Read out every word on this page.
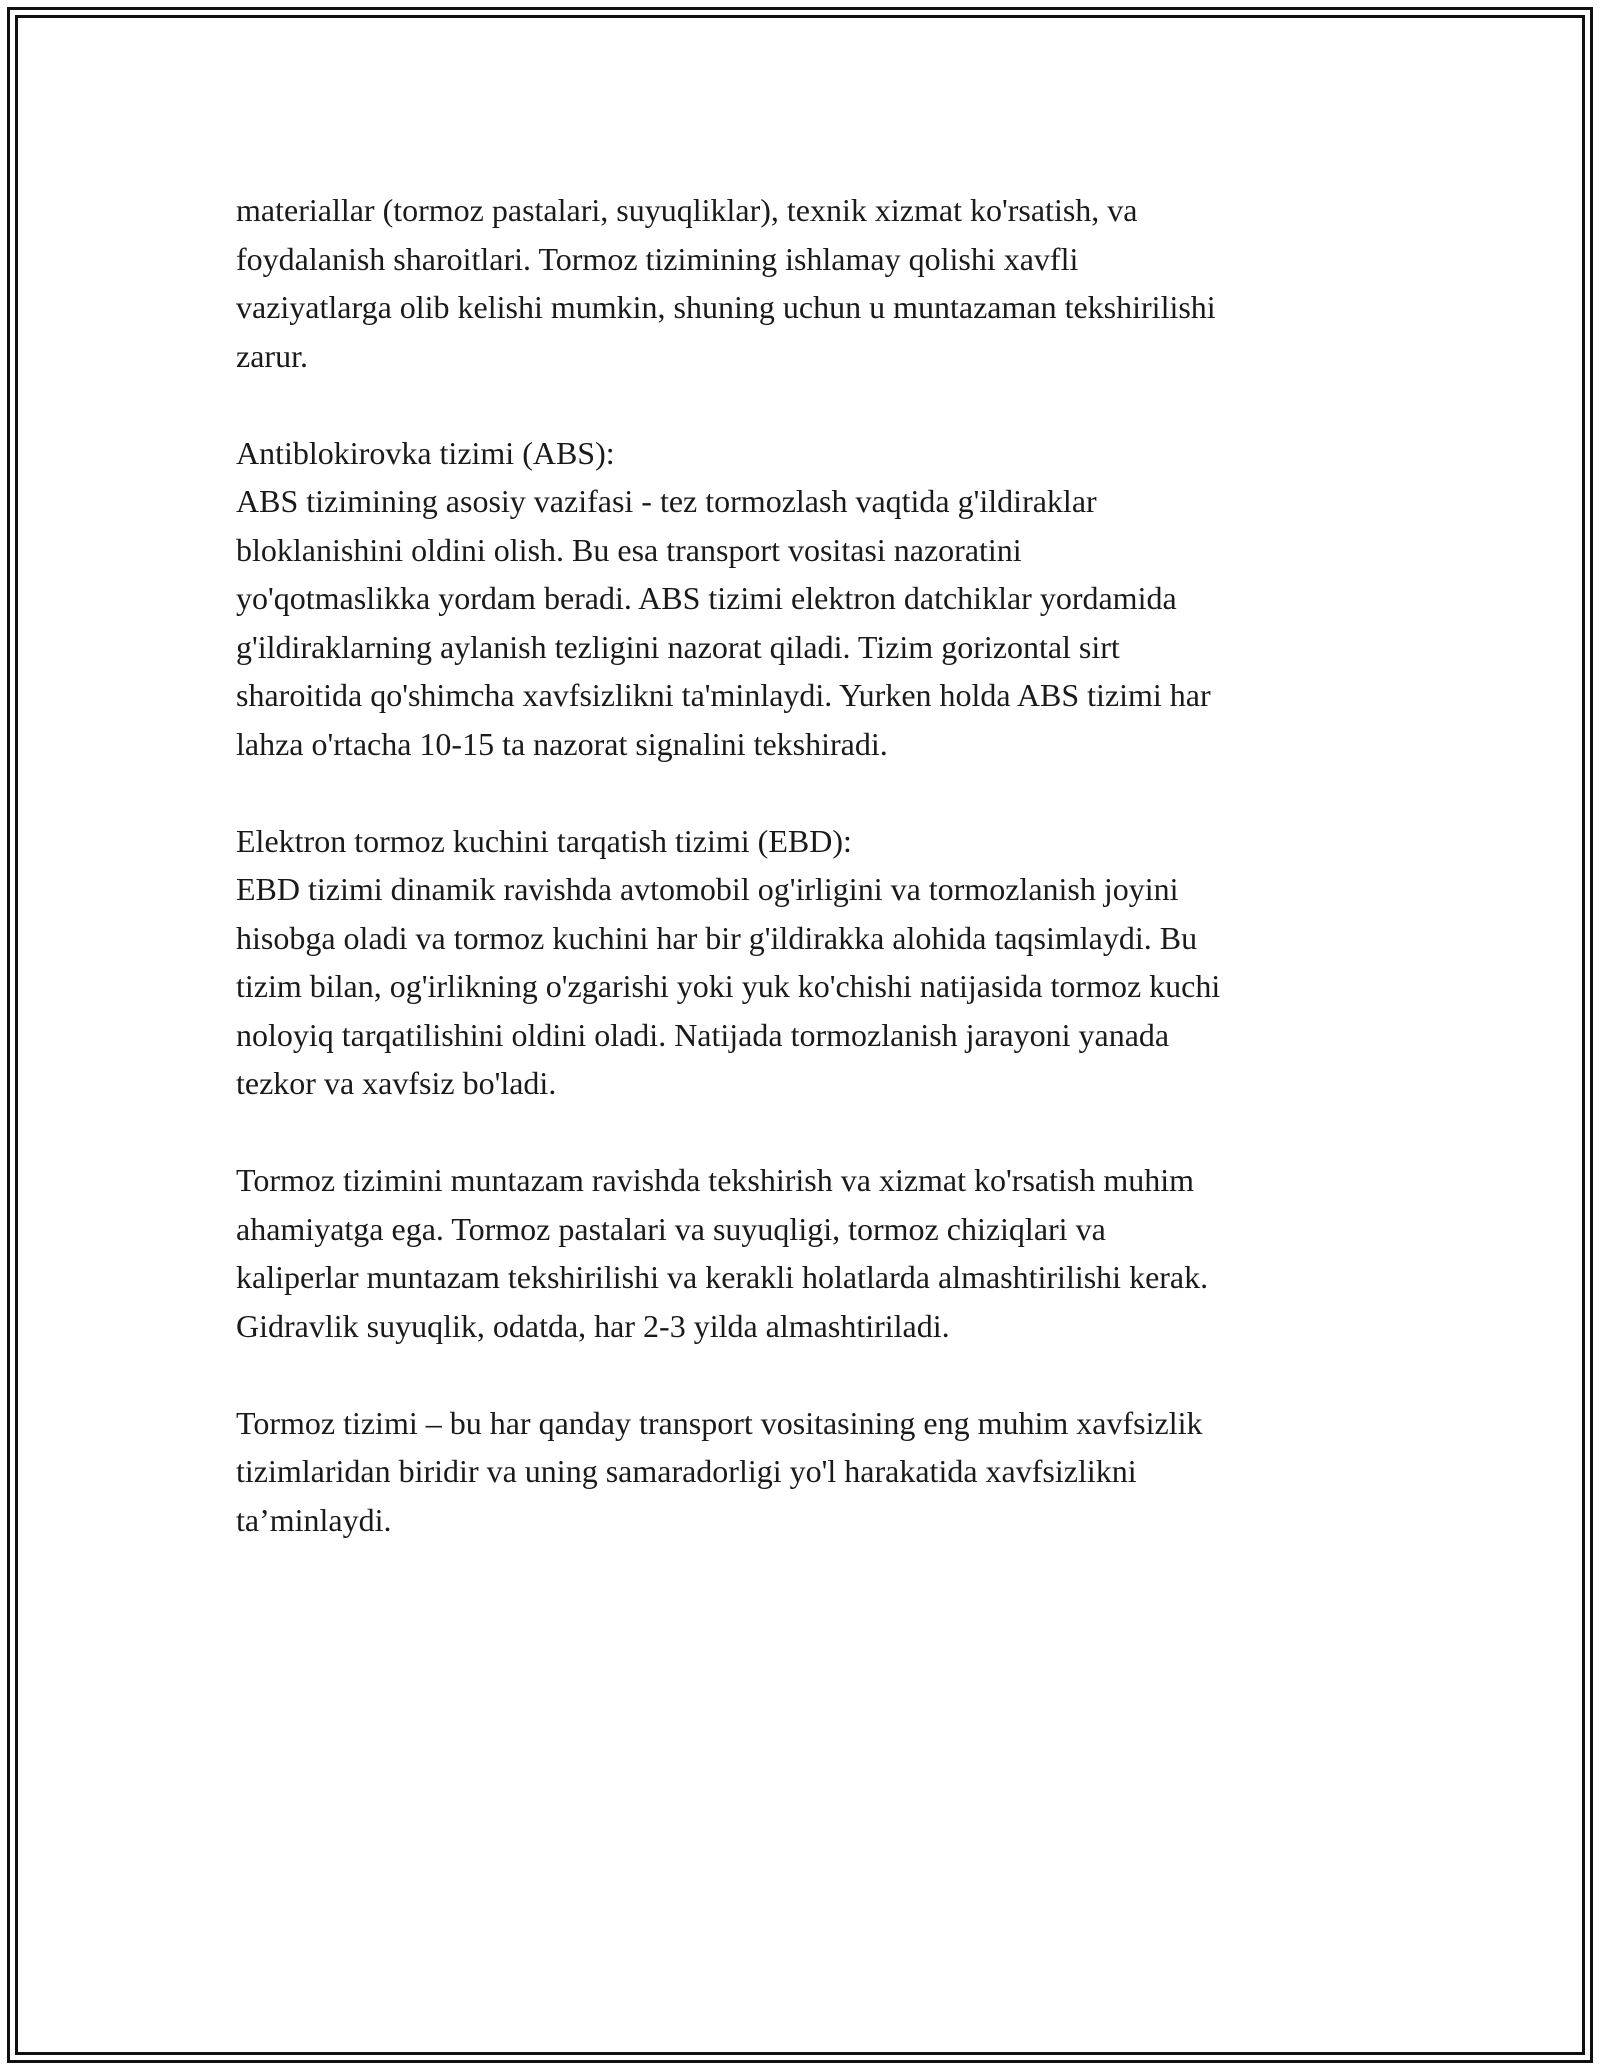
materiallar (tormoz pastalari, suyuqliklar), texnik xizmat ko'rsatish, va
foydalanish sharoitlari. Tormoz tizimining ishlamay qolishi xavfli
vaziyatlarga olib kelishi mumkin, shuning uchun u muntazaman tekshirilishi
zarur.
Antiblokirovka tizimi (ABS):
ABS tizimining asosiy vazifasi - tez tormozlash vaqtida g'ildiraklar
bloklanishini oldini olish. Bu esa transport vositasi nazoratini
yo'qotmaslikka yordam beradi. ABS tizimi elektron datchiklar yordamida
g'ildiraklarning aylanish tezligini nazorat qiladi. Tizim gorizontal sirt
sharoitida qo'shimcha xavfsizlikni ta'minlaydi. Yurken holda ABS tizimi har
lahza o'rtacha 10-15 ta nazorat signalini tekshiradi.
Elektron tormoz kuchini tarqatish tizimi (EBD):
EBD tizimi dinamik ravishda avtomobil og'irligini va tormozlanish joyini
hisobga oladi va tormoz kuchini har bir g'ildirakka alohida taqsimlaydi. Bu
tizim bilan, og'irlikning o'zgarishi yoki yuk ko'chishi natijasida tormoz kuchi
noloyiq tarqatilishini oldini oladi. Natijada tormozlanish jarayoni yanada
tezkor va xavfsiz bo'ladi.
Tormoz tizimini muntazam ravishda tekshirish va xizmat ko'rsatish muhim
ahamiyatga ega. Tormoz pastalari va suyuqligi, tormoz chiziqlari va
kaliperlar muntazam tekshirilishi va kerakli holatlarda almashtirilishi kerak.
Gidravlik suyuqlik, odatda, har 2-3 yilda almashtiriladi.
Tormoz tizimi – bu har qanday transport vositasining eng muhim xavfsizlik
tizimlaridan biridir va uning samaradorligi yo'l harakatida xavfsizlikni
ta’minlaydi.
